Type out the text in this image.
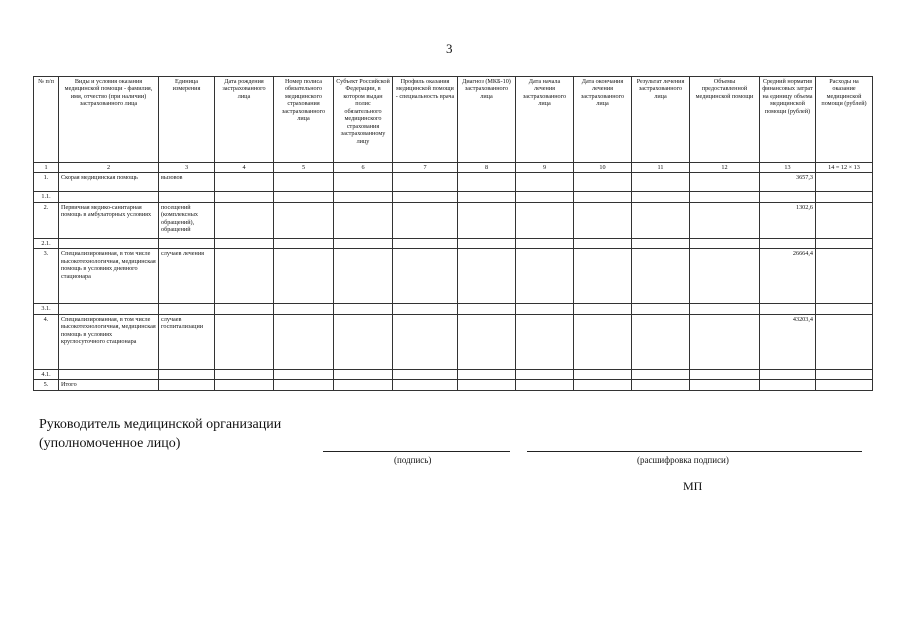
3
№ п/п	Виды и условия оказания медицинской помощи - фамилия, имя, отчество (при наличии) застрахованного лица	Единица измерения	Дата рождения застрахованного лица	Номер полиса обязательного медицинского страхования застрахованного лица	Субъект Российской Федерации, в котором выдан полис обязательного медицинского страхования застрахованному лицу	Профиль оказания медицинской помощи - специальность врача	Диагноз (МКБ-10) застрахованного лица	Дата начала лечения застрахованного лица	Дата окончания лечения застрахованного лица	Результат лечения застрахованного лица	Объемы предоставленной медицинской помощи	Средний норматив финансовых затрат на единицу объема медицинской помощи (рублей)	Расходы на оказание медицинской помощи (рублей)
1	2	3	4	5	6	7	8	9	10	11	12	13	14 = 12 × 13
1.	Скорая медицинская помощь	вызовов										3657,3	
1.1.													
2.	Первичная медико-санитарная помощь в амбулаторных условиях	посещений (комплексных обращений), обращений										1302,6	
2.1.													
3.	Специализированная, в том числе высокотехнологичная, медицинская помощь в условиях дневного стационара	случаев лечения										26664,4	
3.1.													
4.	Специализированная, в том числе высокотехнологичная, медицинская помощь в условиях круглосуточного стационара	случаев госпитализации										43203,4	
4.1.													
5.	Итого												
Руководитель медицинской организации
(уполномоченное лицо)
(подпись)	(расшифровка подписи)
МП
